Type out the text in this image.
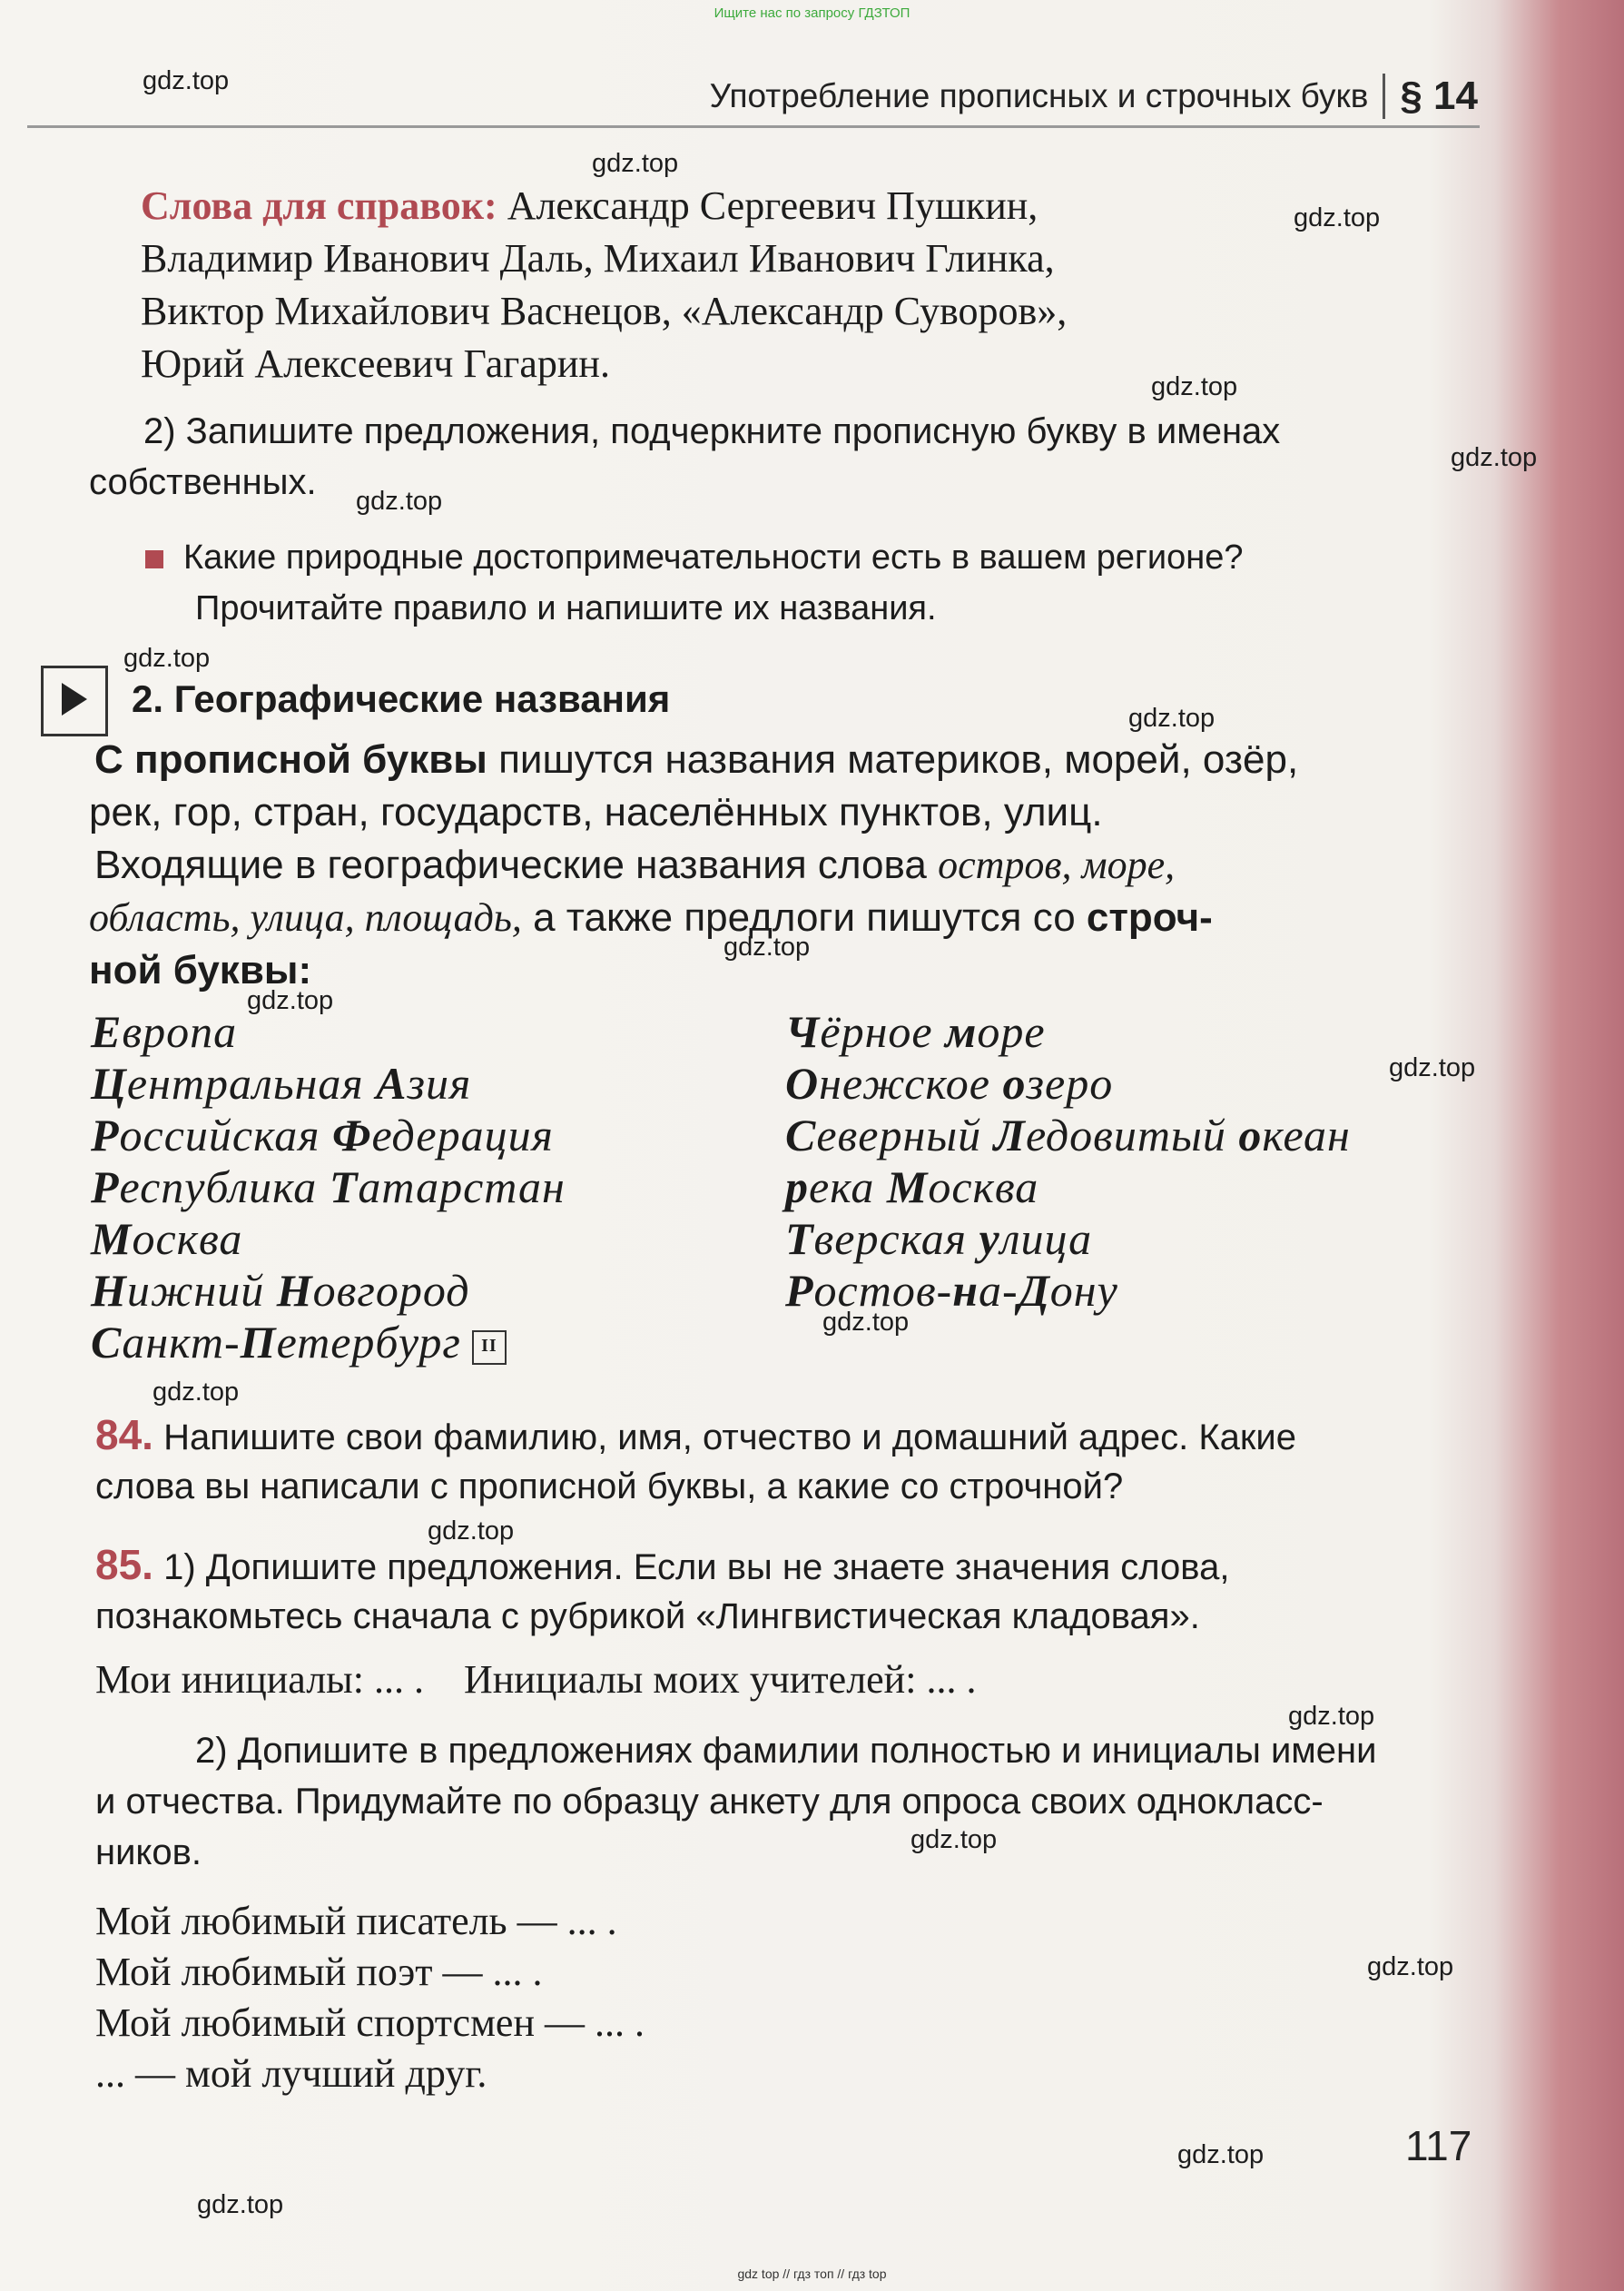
Ищите нас по запросу ГДЗТОП
Употребление прописных и строчных букв § 14
gdz.top
gdz.top
gdz.top
gdz.top
gdz.top
gdz.top
gdz.top
gdz.top
gdz.top
gdz.top
gdz.top
gdz.top
gdz.top
gdz.top
gdz.top
gdz.top
gdz.top
gdz.top
gdz.top
Слова для справок: Александр Сергеевич Пушкин,
Владимир Иванович Даль, Михаил Иванович Глинка,
Виктор Михайлович Васнецов, «Александр Суворов»,
Юрий Алексеевич Гагарин.
2) Запишите предложения, подчеркните прописную букву в именах
собственных.
Какие природные достопримечательности есть в вашем регионе?
Прочитайте правило и напишите их названия.
2. Географические названия
С прописной буквы пишутся названия материков, морей, озёр,
рек, гор, стран, государств, населённых пунктов, улиц.
Входящие в географические названия слова остров, море,
область, улица, площадь, а также предлоги пишутся со строч-
ной буквы:
Европа
Центральная Азия
Российская Федерация
Республика Татарстан
Москва
Нижний Новгород
Санкт-Петербург II
Чёрное море
Онежское озеро
Северный Ледовитый океан
река Москва
Тверская улица
Ростов-на-Дону
84. Напишите свои фамилию, имя, отчество и домашний адрес. Какие
слова вы написали с прописной буквы, а какие со строчной?
85. 1) Допишите предложения. Если вы не знаете значения слова,
познакомьтесь сначала с рубрикой «Лингвистическая кладовая».
Мои инициалы: ... .    Инициалы моих учителей: ... .
2) Допишите в предложениях фамилии полностью и инициалы имени
и отчества. Придумайте по образцу анкету для опроса своих однокласс-
ников.
Мой любимый писатель — ... .
Мой любимый поэт — ... .
Мой любимый спортсмен — ... .
... — мой лучший друг.
117
gdz top // гдз топ // гдз top
